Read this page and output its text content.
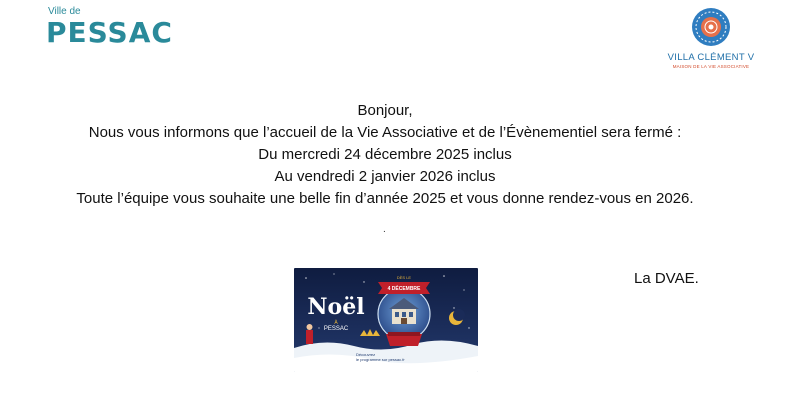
Ville de
PESSAC
VILLA CLÉMENT V
MAISON DE LA VIE ASSOCIATIVE
Bonjour,
Nous vous informons que l’accueil de la Vie Associative et de l’Évènementiel sera fermé :
Du mercredi 24 décembre 2025 inclus
Au vendredi 2 janvier 2026 inclus
Toute l’équipe vous souhaite une belle fin d’année 2025 et vous donne rendez-vous en 2026.
.
DÈS LE
4 DÉCEMBRE
Noël
À
PESSAC
Découvrez
le programme sur pessac.fr
La DVAE.
